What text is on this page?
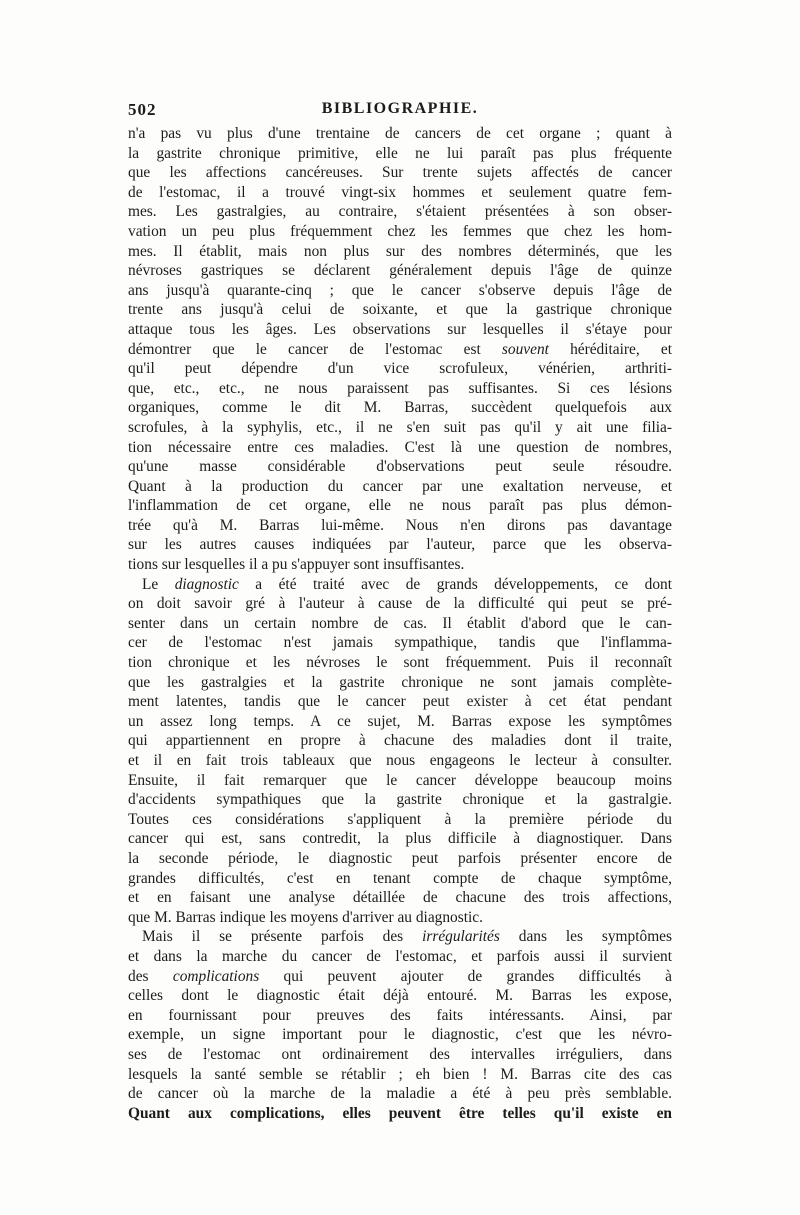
502	BIBLIOGRAPHIE.
n'a pas vu plus d'une trentaine de cancers de cet organe ; quant à
la gastrite chronique primitive, elle ne lui paraît pas plus fréquente
que les affections cancéreuses. Sur trente sujets affectés de cancer
de l'estomac, il a trouvé vingt-six hommes et seulement quatre fem-
mes. Les gastralgies, au contraire, s'étaient présentées à son obser-
vation un peu plus fréquemment chez les femmes que chez les hom-
mes. Il établit, mais non plus sur des nombres déterminés, que les
névroses gastriques se déclarent généralement depuis l'âge de quinze
ans jusqu'à quarante-cinq ; que le cancer s'observe depuis l'âge de
trente ans jusqu'à celui de soixante, et que la gastrique chronique
attaque tous les âges. Les observations sur lesquelles il s'étaye pour
démontrer que le cancer de l'estomac est souvent héréditaire, et
qu'il peut dépendre d'un vice scrofuleux, vénérien, arthriti-
que, etc., etc., ne nous paraissent pas suffisantes. Si ces lésions
organiques, comme le dit M. Barras, succèdent quelquefois aux
scrofules, à la syphylis, etc., il ne s'en suit pas qu'il y ait une filia-
tion nécessaire entre ces maladies. C'est là une question de nombres,
qu'une masse considérable d'observations peut seule résoudre.
Quant à la production du cancer par une exaltation nerveuse, et
l'inflammation de cet organe, elle ne nous paraît pas plus démon-
trée qu'à M. Barras lui-même. Nous n'en dirons pas davantage
sur les autres causes indiquées par l'auteur, parce que les observa-
tions sur lesquelles il a pu s'appuyer sont insuffisantes.
Le diagnostic a été traité avec de grands développements, ce dont
on doit savoir gré à l'auteur à cause de la difficulté qui peut se pré-
senter dans un certain nombre de cas. Il établit d'abord que le can-
cer de l'estomac n'est jamais sympathique, tandis que l'inflamma-
tion chronique et les névroses le sont fréquemment. Puis il reconnaît
que les gastralgies et la gastrite chronique ne sont jamais complète-
ment latentes, tandis que le cancer peut exister à cet état pendant
un assez long temps. A ce sujet, M. Barras expose les symptômes
qui appartiennent en propre à chacune des maladies dont il traite,
et il en fait trois tableaux que nous engageons le lecteur à consulter.
Ensuite, il fait remarquer que le cancer développe beaucoup moins
d'accidents sympathiques que la gastrite chronique et la gastralgie.
Toutes ces considérations s'appliquent à la première période du
cancer qui est, sans contredit, la plus difficile à diagnostiquer. Dans
la seconde période, le diagnostic peut parfois présenter encore de
grandes difficultés, c'est en tenant compte de chaque symptôme,
et en faisant une analyse détaillée de chacune des trois affections,
que M. Barras indique les moyens d'arriver au diagnostic.
Mais il se présente parfois des irrégularités dans les symptômes
et dans la marche du cancer de l'estomac, et parfois aussi il survient
des complications qui peuvent ajouter de grandes difficultés à
celles dont le diagnostic était déjà entouré. M. Barras les expose,
en fournissant pour preuves des faits intéressants. Ainsi, par
exemple, un signe important pour le diagnostic, c'est que les névro-
ses de l'estomac ont ordinairement des intervalles irréguliers, dans
lesquels la santé semble se rétablir ; eh bien ! M. Barras cite des cas
de cancer où la marche de la maladie a été à peu près semblable.
Quant aux complications, elles peuvent être telles qu'il existe en
